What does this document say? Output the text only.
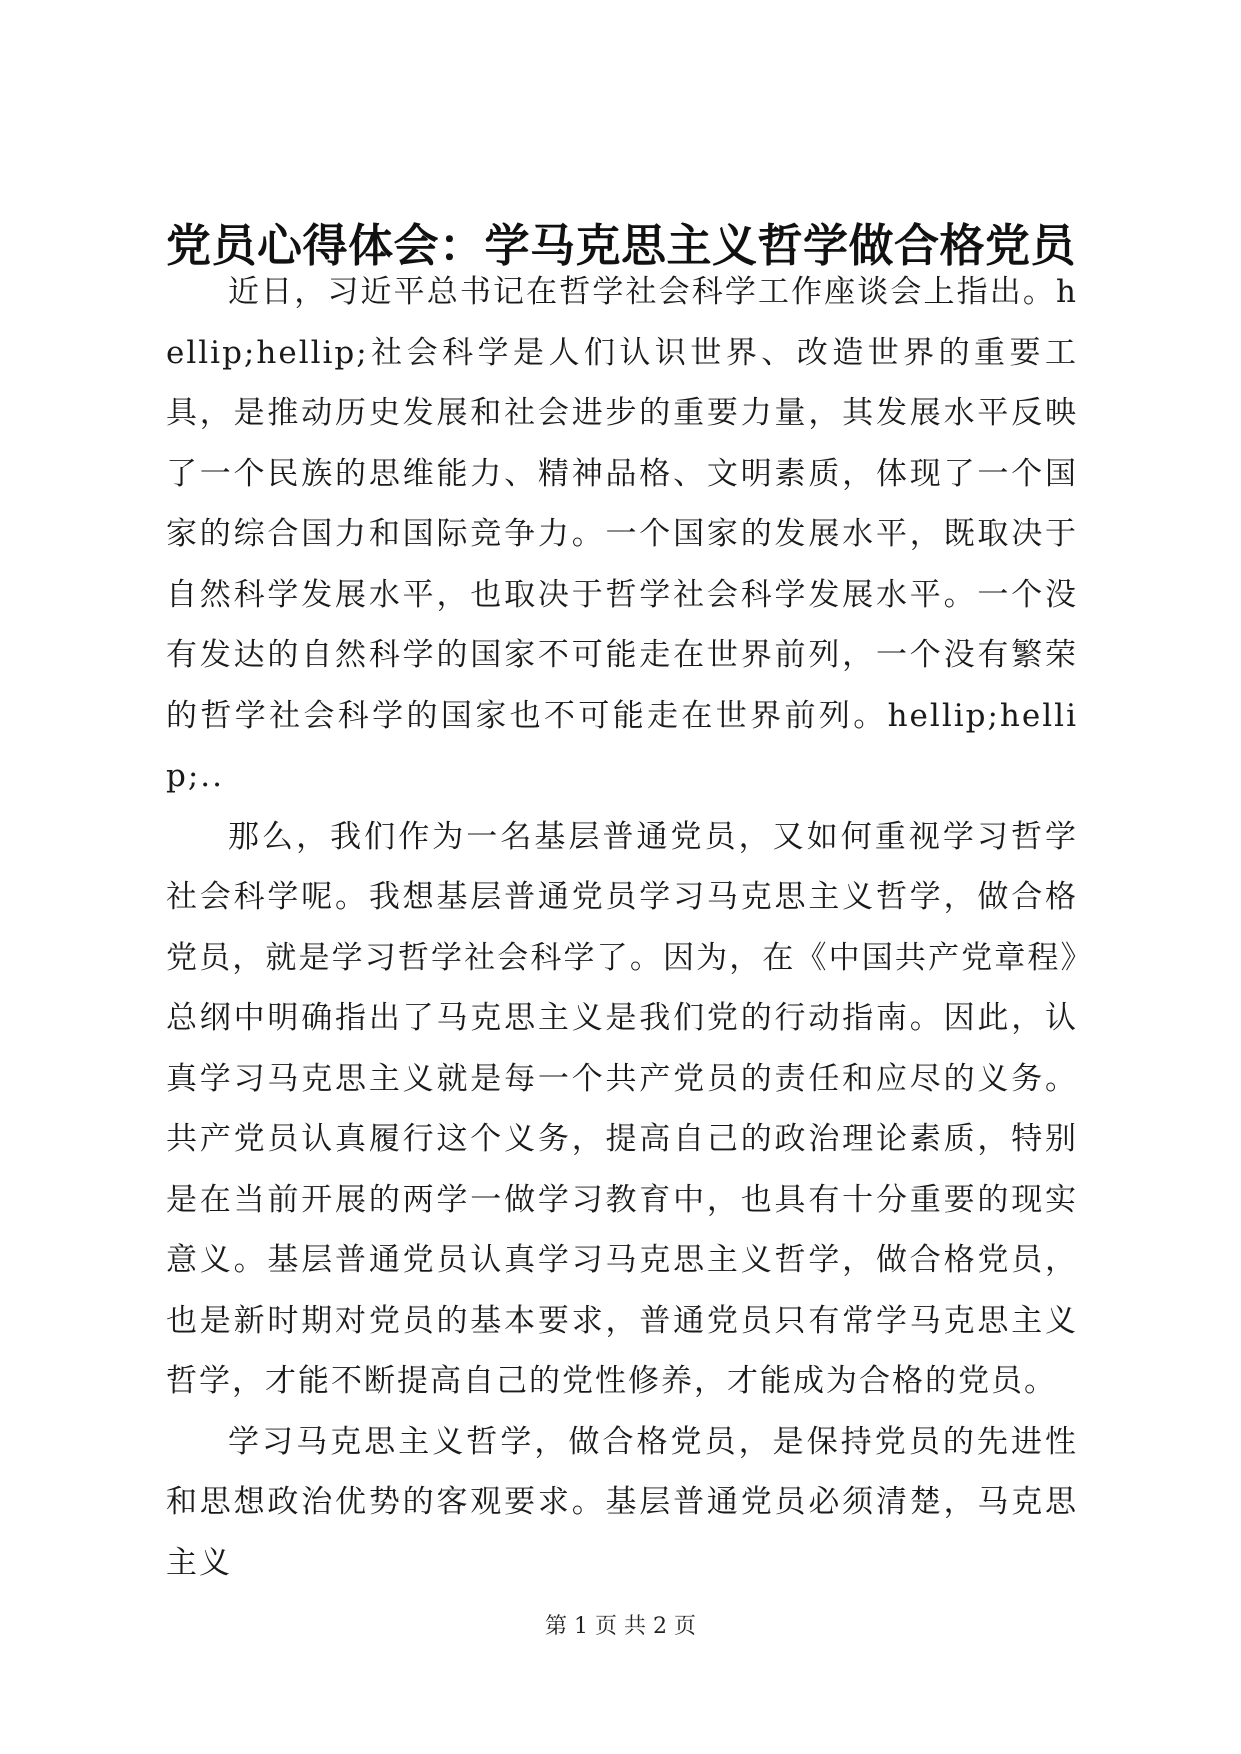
党员心得体会：学马克思主义哲学做合格党员

近日，习近平总书记在哲学社会科学工作座谈会上指出。hellip;hellip;社会科学是人们认识世界、改造世界的重要工具，是推动历史发展和社会进步的重要力量，其发展水平反映了一个民族的思维能力、精神品格、文明素质，体现了一个国家的综合国力和国际竞争力。一个国家的发展水平，既取决于自然科学发展水平，也取决于哲学社会科学发展水平。一个没有发达的自然科学的国家不可能走在世界前列，一个没有繁荣的哲学社会科学的国家也不可能走在世界前列。hellip;hellip;..

那么，我们作为一名基层普通党员，又如何重视学习哲学社会科学呢。我想基层普通党员学习马克思主义哲学，做合格党员，就是学习哲学社会科学了。因为，在《中国共产党章程》总纲中明确指出了马克思主义是我们党的行动指南。因此，认真学习马克思主义就是每一个共产党员的责任和应尽的义务。共产党员认真履行这个义务，提高自己的政治理论素质，特别是在当前开展的两学一做学习教育中，也具有十分重要的现实意义。基层普通党员认真学习马克思主义哲学，做合格党员，也是新时期对党员的基本要求，普通党员只有常学马克思主义哲学，才能不断提高自己的党性修养，才能成为合格的党员。

学习马克思主义哲学，做合格党员，是保持党员的先进性和思想政治优势的客观要求。基层普通党员必须清楚，马克思主义

第 1 页 共 2 页
